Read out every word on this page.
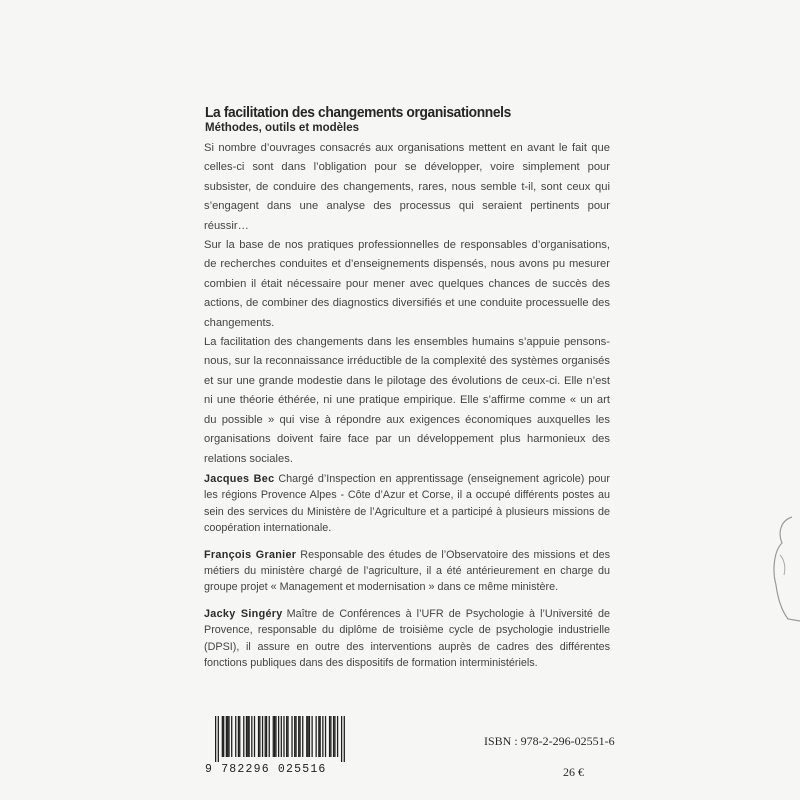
La facilitation des changements organisationnels
Méthodes, outils et modèles

Si nombre d’ouvrages consacrés aux organisations mettent en avant le fait que celles-ci sont dans l’obligation pour se développer, voire simplement pour subsister, de conduire des changements, rares, nous semble t-il, sont ceux qui s’engagent dans une analyse des processus qui seraient pertinents pour réussir…

Sur la base de nos pratiques professionnelles de responsables d’organisations, de recherches conduites et d’enseignements dispensés, nous avons pu mesurer combien il était nécessaire pour mener avec quelques chances de succès des actions, de combiner des diagnostics diversifiés et une conduite processuelle des changements.

La facilitation des changements dans les ensembles humains s’appuie pensons-nous, sur la reconnaissance irréductible de la complexité des systèmes organisés et sur une grande modestie dans le pilotage des évolutions de ceux-ci. Elle n’est ni une théorie éthérée, ni une pratique empirique. Elle s’affirme comme « un art du possible » qui vise à répondre aux exigences économiques auxquelles les organisations doivent faire face par un développement plus harmonieux des relations sociales.

Jacques Bec Chargé d’Inspection en apprentissage (enseignement agricole) pour les régions Provence Alpes - Côte d’Azur et Corse, il a occupé différents postes au sein des services du Ministère de l’Agriculture et a participé à plusieurs missions de coopération internationale.

François Granier Responsable des études de l’Observatoire des missions et des métiers du ministère chargé de l’agriculture, il a été antérieurement en charge du groupe projet « Management et modernisation » dans ce même ministère.

Jacky Singéry Maître de Conférences à l’UFR de Psychologie à l’Université de Provence, responsable du diplôme de troisième cycle de psychologie industrielle (DPSI), il assure en outre des interventions auprès de cadres des différentes fonctions publiques dans des dispositifs de formation interministériels.

9 782296 025516
ISBN : 978-2-296-02551-6
26 €
